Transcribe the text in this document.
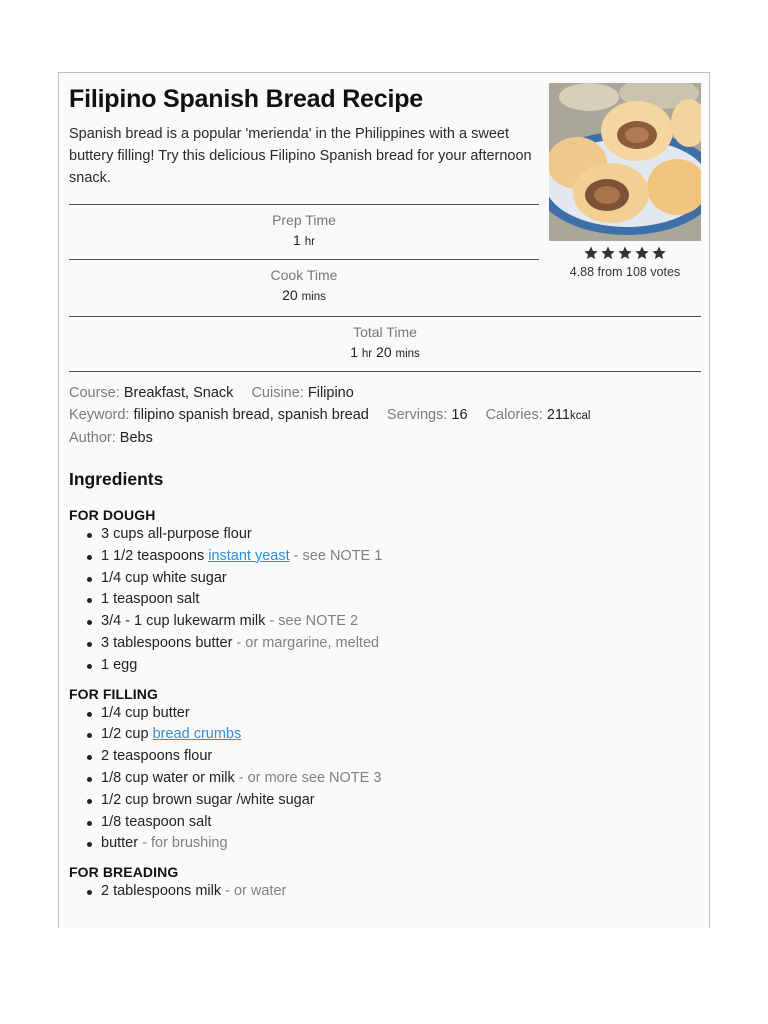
Filipino Spanish Bread Recipe
Spanish bread is a popular 'merienda' in the Philippines with a sweet buttery filling! Try this delicious Filipino Spanish bread for your afternoon snack.
4.88 from 108 votes
Prep Time
1 hr
Cook Time
20 mins
Total Time
1 hr 20 mins
Course: Breakfast, Snack Cuisine: Filipino
Keyword: filipino spanish bread, spanish bread Servings: 16 Calories: 211kcal
Author: Bebs
Ingredients
FOR DOUGH
3 cups all-purpose flour
1 1/2 teaspoons instant yeast - see NOTE 1
1/4 cup white sugar
1 teaspoon salt
3/4 - 1 cup lukewarm milk - see NOTE 2
3 tablespoons butter - or margarine, melted
1 egg
FOR FILLING
1/4 cup butter
1/2 cup bread crumbs
2 teaspoons flour
1/8 cup water or milk - or more see NOTE 3
1/2 cup brown sugar /white sugar
1/8 teaspoon salt
butter - for brushing
FOR BREADING
2 tablespoons milk - or water
